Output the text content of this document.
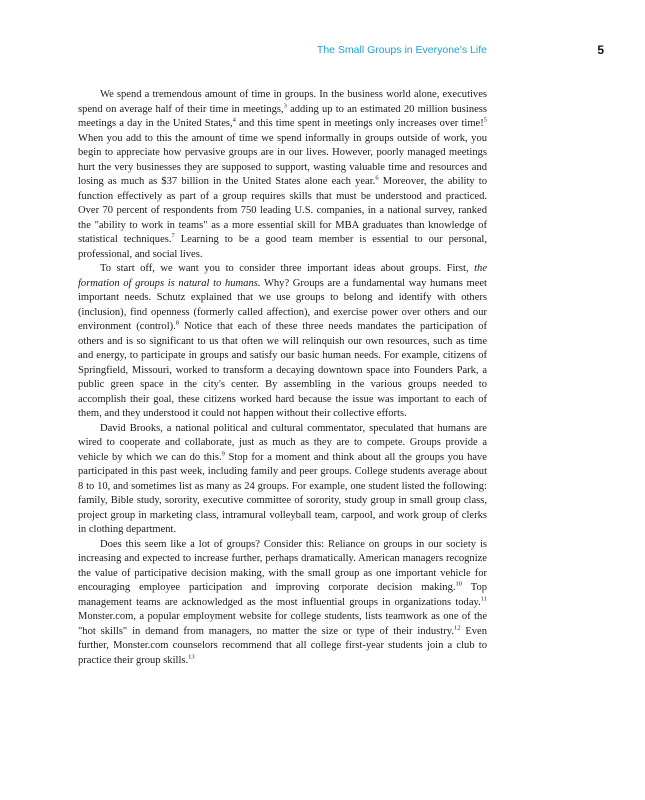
The Small Groups in Everyone's Life	5

We spend a tremendous amount of time in groups. In the business world alone, executives spend on average half of their time in meetings,$^3$ adding up to an estimated 20 million business meetings a day in the United States,$^4$ and this time spent in meetings only increases over time!$^5$ When you add to this the amount of time we spend informally in groups outside of work, you begin to appreciate how pervasive groups are in our lives. However, poorly managed meetings hurt the very businesses they are supposed to support, wasting valuable time and resources and losing as much as $37 billion in the United States alone each year.$^6$ Moreover, the ability to function effectively as part of a group requires skills that must be understood and practiced. Over 70 percent of respondents from 750 leading U.S. companies, in a national survey, ranked the "ability to work in teams" as a more essential skill for MBA graduates than knowledge of statistical techniques.$^7$ Learning to be a good team member is essential to our personal, professional, and social lives.

To start off, we want you to consider three important ideas about groups. First, the formation of groups is natural to humans. Why? Groups are a fundamental way humans meet important needs. Schutz explained that we use groups to belong and identify with others (inclusion), find openness (formerly called affection), and exercise power over others and our environment (control).$^8$ Notice that each of these three needs mandates the participation of others and is so significant to us that often we will relinquish our own resources, such as time and energy, to participate in groups and satisfy our basic human needs. For example, citizens of Springfield, Missouri, worked to transform a decaying downtown space into Founders Park, a public green space in the city's center. By assembling in the various groups needed to accomplish their goal, these citizens worked hard because the issue was important to each of them, and they understood it could not happen without their collective efforts.

David Brooks, a national political and cultural commentator, speculated that humans are wired to cooperate and collaborate, just as much as they are to compete. Groups provide a vehicle by which we can do this.$^9$ Stop for a moment and think about all the groups you have participated in this past week, including family and peer groups. College students average about 8 to 10, and sometimes list as many as 24 groups. For example, one student listed the following: family, Bible study, sorority, executive committee of sorority, study group in small group class, project group in marketing class, intramural volleyball team, carpool, and work group of clerks in clothing department.

Does this seem like a lot of groups? Consider this: Reliance on groups in our society is increasing and expected to increase further, perhaps dramatically. American managers recognize the value of participative decision making, with the small group as one important vehicle for encouraging employee participation and improving corporate decision making.$^{10}$ Top management teams are acknowledged as the most influential groups in organizations today.$^{11}$ Monster.com, a popular employment website for college students, lists teamwork as one of the "hot skills" in demand from managers, no matter the size or type of their industry.$^{12}$ Even further, Monster.com counselors recommend that all college first-year students join a club to practice their group skills.$^{13}$
